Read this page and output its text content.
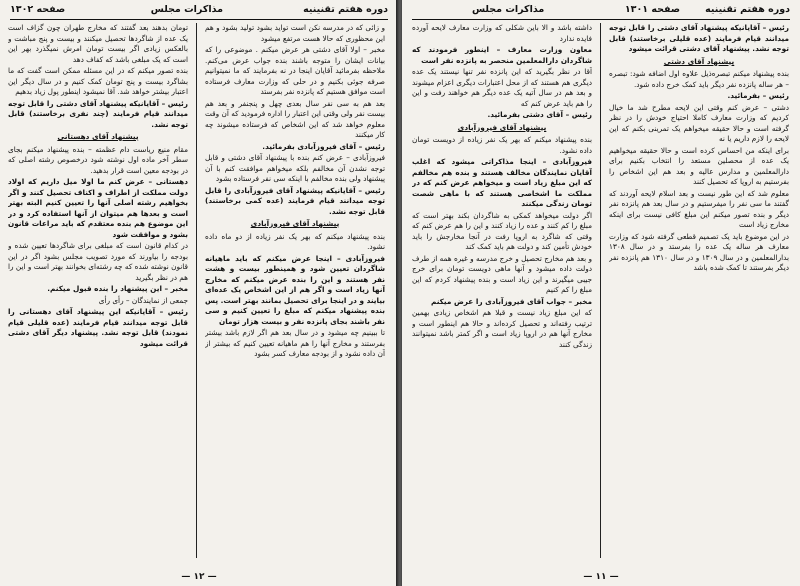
دوره هفتم تقنینیه
مذاکرات مجلس
صفحه ۱۳۰۲

تومان بدهند بعد گفتند که مخارج طهران چون گزاف است یک عده از شاگردها تحصیل میکنند و بیست و پنج مباشت و بالعکس زیادی اگر بیست تومان امرش نمیگذرد بهر این است که یک مبلغی باشد که کفاف دهد

بنده تصور میکنم که در این مسئله ممکن است گفت که ما بشاگرد بیست و پنج تومان کمک کنیم و در سال دیگر این اعتبار بیشتر خواهد شد. آقا نمیشود اینطور پول زیاد بدهیم

رئیس – آقایانیکه پیشنهاد آقای دشتی را قابل توجه میدانند قیام فرمایند (چند نفری برخاستند) قابل توجه نشد.

پیشنهاد آقای دهستانی

مقام منیع ریاست دام عظمته – بنده پیشنهاد میکنم بجای سطر آخر ماده اول نوشته شود درخصوص رشته اصلی که در بودجه معین است قرار بدهید.

دهستانی – عرض کنم ما اولا میل داریم که اولاد دولت مملکت از اطراف و اکناف تحصیل کنند و اگر بخواهیم رشته اصلی آنها را تعیین کنیم البته بهتر است و بعدها هم میتوان از آنها استفاده کرد و در این موضوع هم بنده معتقدم که باید مراعات قانون بشود و موافقت شود

در کدام قانون است که مبلغی برای شاگردها تعیین شده و بودجه را بیاورند که مورد تصویب مجلس بشود اگر در این قانون نوشته شده که چه رشته‌ای بخوانند بهتر است و این را هم در نظر بگیرید

مخبر – این پیشنهاد را بنده قبول میکنم.

جمعی از نمایندگان – رأی رأی

رئیس – آقایانیکه این پیشنهاد آقای دهستانی را قابل توجه میدانند قیام فرمایند (عده قلیلی قیام نمودند) قابل توجه نشد. پیشنهاد دیگر آقای دشتی قرائت میشود

و زائی که در مدرسه نکن است تواید بشود تولید بشود و هم این محظوری که حالا هست مرتفع میشود

مخبر – اولا آقای دشتی هر عرض میکنم . موضوعی را که بیانات ایشان را متوجه باشند بنده جواب عرض می‌کنم. ملاحظه بفرمائید آقایان اینجا در نه بفرمایند که ما نمیتوانیم صرفه جوئی بکنیم و در حلی که وزارت معارف فرستاده است موافق هستیم که پانزده نفر بفرستد

بعد هم به سی نفر سال بعدی چهل و پنجنفر و بعد هم بیست نفر ولی وقتی این اعتبار را اداره فرمودید که آن وقت معلوم خواهد شد که این اشخاص که فرستاده میشوند چه کار میکنند

رئیس – آقای فیروزآبادی بفرمائید.

فیروزآبادی – عرض کنم بنده با پیشنهاد آقای دشتی و قابل توجه نشدن آن مخالفم بلکه میخواهم موافقت کنم با آن پیشنهاد ولی بنده مخالفم با اینکه سی نفر فرستاده بشود

رئیس – آقایانیکه پیشنهاد آقای فیروزآبادی را قابل توجه میدانند قیام فرمایند (عده کمی برخاستند) قابل توجه نشد.

پیشنهاد آقای فیروزآبادی

بنده پیشنهاد میکنم که بهر یک نفر زیاده از دو ماه داده نشود.

فیروزآبادی – اینجا عرض میکنم که باید ماهیانه شاگردان تعیین شود و همینطور بیست و هشت نفر هستند و این را بنده عرض میکنم که مخارج آنها زیاد است و اگر هم از این اشخاص یک عده‌ای بیایند و در اینجا برای تحصیل بمانند بهتر است. پس بنده پیشنهاد میکنم که مبلغ را تعیین کنیم و سی نفر باشند بجای پانزده نفر و بیست هزار تومان

تا ببینیم چه میشود و در سال بعد هم اگر لازم باشد بیشتر بفرستند و مخارج آنها را هم ماهیانه تعیین کنیم که بیشتر از آن داده نشود و از بودجه معارف کسر بشود

— ۱۲ —
دوره هفتم تقنینیه
صفحه ۱۳۰۱
مذاکرات مجلس

داشته باشد و الا باین شکلی که وزارت معارف لایحه آورده فایده ندارد

معاون وزارت معارف – اینطور فرمودند که شاگردان دارالمعلمین منحصر به پانزده نفر است

آقا در نظر بگیرید که این پانزده نفر تنها نیستند یک عده دیگری هم هستند که از محل اعتبارات دیگری اعزام میشوند و بعد هم در سال آتیه یک عده دیگر هم خواهند رفت و این را هم باید عرض کنم که

رئیس – آقای دشتی بفرمائید.

پیشنهاد آقای فیروزآبادی

بنده پیشنهاد میکنم که بهر یک نفر زیاده از دویست تومان داده نشود.

فیروزآبادی – اینجا مذاکراتی میشود که اغلب آقایان نمایندگان مخالف هستند و بنده هم مخالفم که این مبلغ زیاد است و میخواهم عرض کنم که در مملکت ما اشخاصی هستند که با ماهی شصت تومان زندگی میکنند

اگر دولت میخواهد کمکی به شاگردان بکند بهتر است که مبلغ را کم کنند و عده را زیاد کنند و این را هم عرض کنم که وقتی که شاگرد به اروپا رفت در آنجا مخارجش را باید خودش تأمین کند و دولت هم باید کمک کند

و بعد هم مخارج تحصیل و خرج مدرسه و غیره همه از طرف دولت داده میشود و آنها ماهی دویست تومان برای خرج جیبی میگیرند و این زیاد است و بنده پیشنهاد کردم که این مبلغ را کم کنیم

مخبر – جواب آقای فیروزآبادی را عرض میکنم

که این مبلغ زیاد نیست و قبلا هم اشخاص زیادی بهمین ترتیب رفته‌اند و تحصیل کرده‌اند و حالا هم اینطور است و مخارج آنها هم در اروپا زیاد است و اگر کمتر باشد نمیتوانند زندگی کنند

رئیس – آقایانیکه پیشنهاد آقای دشتی را قابل توجه میدانند قیام فرمایند (عده قلیلی برخاستند) قابل توجه نشد. پیشنهاد آقای دشتی قرائت میشود

پیشنهاد آقای دشتی

بنده پیشنهاد میکنم تبصره‌ذیل علاوه اول اضافه شود: تبصره – هر ساله پانزده نفر دیگر باید کمک خرج داده شود.

رئیس – بفرمائید.

دشتی – عرض کنم وقتی این لایحه مطرح شد ما خیال کردیم که وزارت معارف کاملا احتیاج خودش را در نظر گرفته است و حالا حقیقه میخواهم یک تمرینی بکنم که این لایحه را لازم داریم یا نه

برای اینکه من احساس کرده است و حالا حقیقه میخواهیم یک عده از محصلین مستعد را انتخاب بکنیم برای دارالمعلمین و مدارس عالیه و بعد هم این اشخاص را بفرستیم به اروپا که تحصیل کنند

معلوم شد که این طور نیست و بعد اسلام لایحه آوردند که گفتند ما سی نفر را میفرستیم و در سال بعد هم پانزده نفر دیگر و بنده تصور میکنم این مبلغ کافی نیست برای اینکه مخارج زیاد است

در این موضوع باید یک تصمیم قطعی گرفته شود که وزارت معارف هر ساله یک عده را بفرستد و در سال ۱۳۰۸ بدارالمعلمین و در سال ۱۳۰۹ و در سال ۱۳۱۰ هم پانزده نفر دیگر بفرستند تا کمک شده باشد

— ۱۱ —
